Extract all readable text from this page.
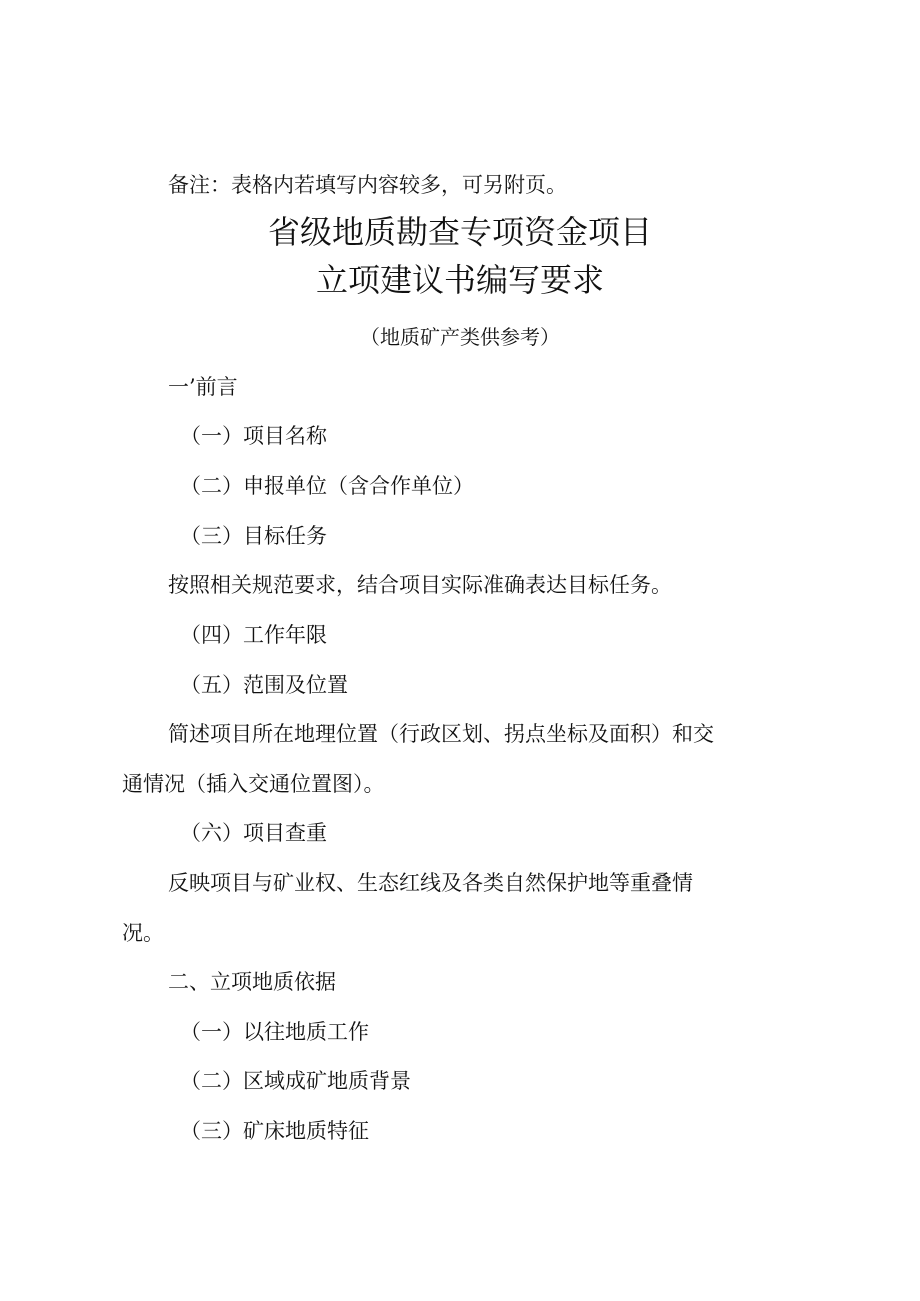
备注：表格内若填写内容较多，可另附页。
省级地质勘查专项资金项目
立项建议书编写要求
（地质矿产类供参考）
一’前言
（一）项目名称
（二）申报单位（含合作单位）
（三）目标任务
按照相关规范要求，结合项目实际准确表达目标任务。
（四）工作年限
（五）范围及位置
简述项目所在地理位置（行政区划、拐点坐标及面积）和交
通情况（插入交通位置图）。
（六）项目查重
反映项目与矿业权、生态红线及各类自然保护地等重叠情
况。
二、立项地质依据
（一）以往地质工作
（二）区域成矿地质背景
（三）矿床地质特征
